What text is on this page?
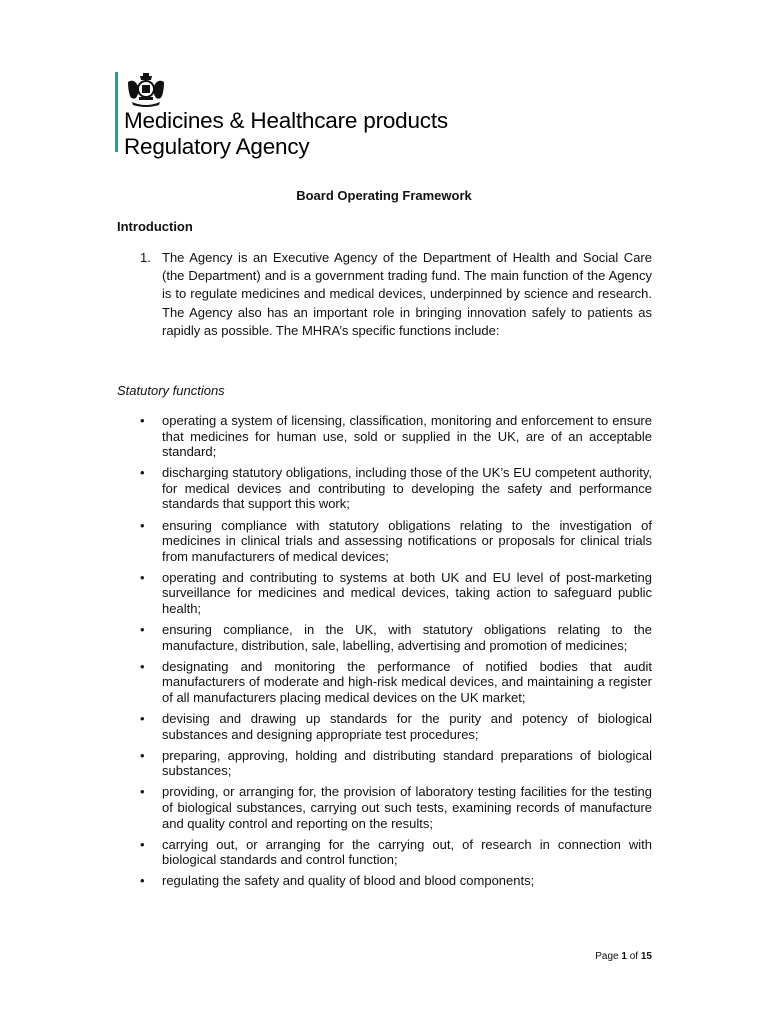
Medicines & Healthcare products
Regulatory Agency
Board Operating Framework
Introduction
1. The Agency is an Executive Agency of the Department of Health and Social Care (the Department) and is a government trading fund. The main function of the Agency is to regulate medicines and medical devices, underpinned by science and research. The Agency also has an important role in bringing innovation safely to patients as rapidly as possible. The MHRA’s specific functions include:
Statutory functions
• operating a system of licensing, classification, monitoring and enforcement to ensure that medicines for human use, sold or supplied in the UK, are of an acceptable standard;
• discharging statutory obligations, including those of the UK’s EU competent authority, for medical devices and contributing to developing the safety and performance standards that support this work;
• ensuring compliance with statutory obligations relating to the investigation of medicines in clinical trials and assessing notifications or proposals for clinical trials from manufacturers of medical devices;
• operating and contributing to systems at both UK and EU level of post-marketing surveillance for medicines and medical devices, taking action to safeguard public health;
• ensuring compliance, in the UK, with statutory obligations relating to the manufacture, distribution, sale, labelling, advertising and promotion of medicines;
• designating and monitoring the performance of notified bodies that audit manufacturers of moderate and high-risk medical devices, and maintaining a register of all manufacturers placing medical devices on the UK market;
• devising and drawing up standards for the purity and potency of biological substances and designing appropriate test procedures;
• preparing, approving, holding and distributing standard preparations of biological substances;
• providing, or arranging for, the provision of laboratory testing facilities for the testing of biological substances, carrying out such tests, examining records of manufacture and quality control and reporting on the results;
• carrying out, or arranging for the carrying out, of research in connection with biological standards and control function;
• regulating the safety and quality of blood and blood components;
Page 1 of 15
